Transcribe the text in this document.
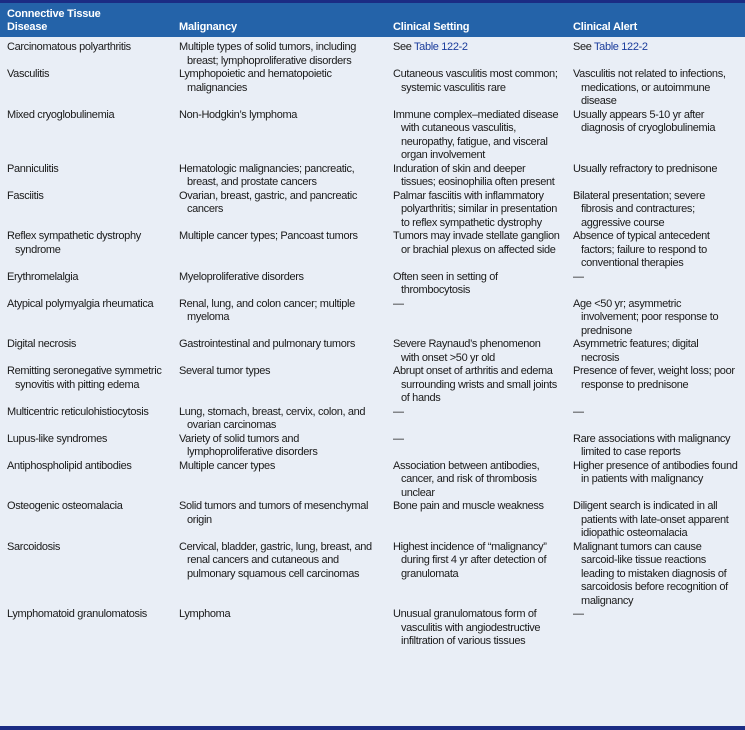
Connective Tissue
Disease	Malignancy	Clinical Setting	Clinical Alert
Carcinomatous polyarthritis	Multiple types of solid tumors, including breast; lymphoproliferative disorders	See Table 122-2	See Table 122-2
Vasculitis	Lymphopoietic and hematopoietic malignancies	Cutaneous vasculitis most common; systemic vasculitis rare	Vasculitis not related to infections, medications, or autoimmune disease
Mixed cryoglobulinemia	Non-Hodgkin’s lymphoma	Immune complex–mediated disease with cutaneous vasculitis, neuropathy, fatigue, and visceral organ involvement	Usually appears 5-10 yr after diagnosis of cryoglobulinemia
Panniculitis	Hematologic malignancies; pancreatic, breast, and prostate cancers	Induration of skin and deeper tissues; eosinophilia often present	Usually refractory to prednisone
Fasciitis	Ovarian, breast, gastric, and pancreatic cancers	Palmar fasciitis with inflammatory polyarthritis; similar in presentation to reflex sympathetic dystrophy	Bilateral presentation; severe fibrosis and contractures; aggressive course
Reflex sympathetic dystrophy syndrome	Multiple cancer types; Pancoast tumors	Tumors may invade stellate ganglion or brachial plexus on affected side	Absence of typical antecedent factors; failure to respond to conventional therapies
Erythromelalgia	Myeloproliferative disorders	Often seen in setting of thrombocytosis	—
Atypical polymyalgia rheumatica	Renal, lung, and colon cancer; multiple myeloma	—	Age <50 yr; asymmetric involvement; poor response to prednisone
Digital necrosis	Gastrointestinal and pulmonary tumors	Severe Raynaud’s phenomenon with onset >50 yr old	Asymmetric features; digital necrosis
Remitting seronegative symmetric synovitis with pitting edema	Several tumor types	Abrupt onset of arthritis and edema surrounding wrists and small joints of hands	Presence of fever, weight loss; poor response to prednisone
Multicentric reticulohistiocytosis	Lung, stomach, breast, cervix, colon, and ovarian carcinomas	—	—
Lupus-like syndromes	Variety of solid tumors and lymphoproliferative disorders	—	Rare associations with malignancy limited to case reports
Antiphospholipid antibodies	Multiple cancer types	Association between antibodies, cancer, and risk of thrombosis unclear	Higher presence of antibodies found in patients with malignancy
Osteogenic osteomalacia	Solid tumors and tumors of mesenchymal origin	Bone pain and muscle weakness	Diligent search is indicated in all patients with late-onset apparent idiopathic osteomalacia
Sarcoidosis	Cervical, bladder, gastric, lung, breast, and renal cancers and cutaneous and pulmonary squamous cell carcinomas	Highest incidence of “malignancy” during first 4 yr after detection of granulomata	Malignant tumors can cause sarcoid-like tissue reactions leading to mistaken diagnosis of sarcoidosis before recognition of malignancy
Lymphomatoid granulomatosis	Lymphoma	Unusual granulomatous form of vasculitis with angiodestructive infiltration of various tissues	—
